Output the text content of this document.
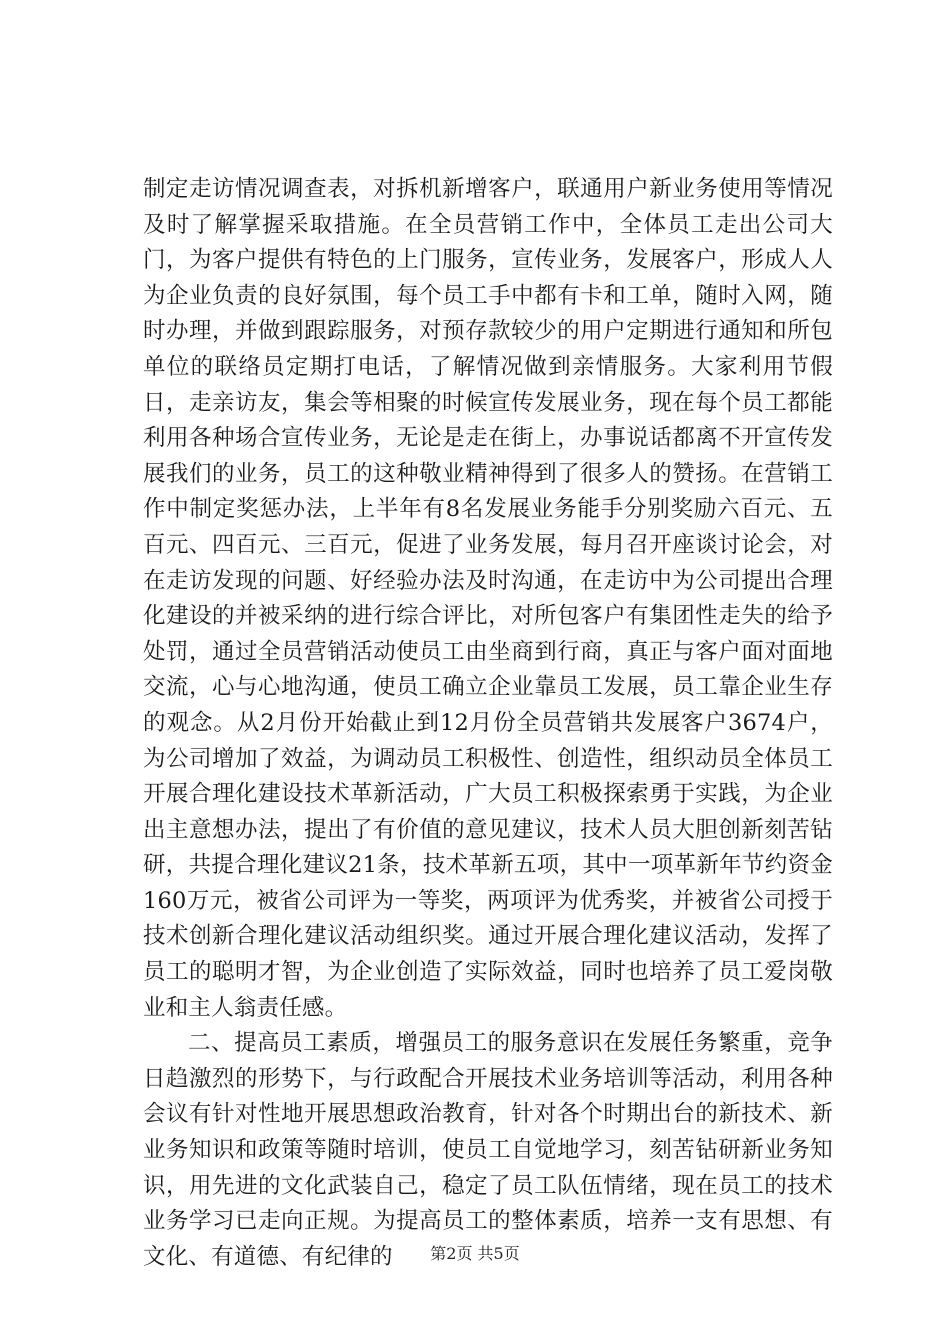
制定走访情况调查表，对拆机新增客户，联通用户新业务使用等情况及时了解掌握采取措施。在全员营销工作中，全体员工走出公司大门，为客户提供有特色的上门服务，宣传业务，发展客户，形成人人为企业负责的良好氛围，每个员工手中都有卡和工单，随时入网，随时办理，并做到跟踪服务，对预存款较少的用户定期进行通知和所包单位的联络员定期打电话，了解情况做到亲情服务。大家利用节假日，走亲访友，集会等相聚的时候宣传发展业务，现在每个员工都能利用各种场合宣传业务，无论是走在街上，办事说话都离不开宣传发展我们的业务，员工的这种敬业精神得到了很多人的赞扬。在营销工作中制定奖惩办法，上半年有8名发展业务能手分别奖励六百元、五百元、四百元、三百元，促进了业务发展，每月召开座谈讨论会，对在走访发现的问题、好经验办法及时沟通，在走访中为公司提出合理化建设的并被采纳的进行综合评比，对所包客户有集团性走失的给予处罚，通过全员营销活动使员工由坐商到行商，真正与客户面对面地交流，心与心地沟通，使员工确立企业靠员工发展，员工靠企业生存的观念。从2月份开始截止到12月份全员营销共发展客户3674户，为公司增加了效益，为调动员工积极性、创造性，组织动员全体员工开展合理化建设技术革新活动，广大员工积极探索勇于实践，为企业出主意想办法，提出了有价值的意见建议，技术人员大胆创新刻苦钻研，共提合理化建议21条，技术革新五项，其中一项革新年节约资金160万元，被省公司评为一等奖，两项评为优秀奖，并被省公司授于技术创新合理化建议活动组织奖。通过开展合理化建议活动，发挥了员工的聪明才智，为企业创造了实际效益，同时也培养了员工爱岗敬业和主人翁责任感。

二、提高员工素质，增强员工的服务意识在发展任务繁重，竞争日趋激烈的形势下，与行政配合开展技术业务培训等活动，利用各种会议有针对性地开展思想政治教育，针对各个时期出台的新技术、新业务知识和政策等随时培训，使员工自觉地学习，刻苦钻研新业务知识，用先进的文化武装自己，稳定了员工队伍情绪，现在员工的技术业务学习已走向正规。为提高员工的整体素质，培养一支有思想、有文化、有道德、有纪律的	第2页 共5页
